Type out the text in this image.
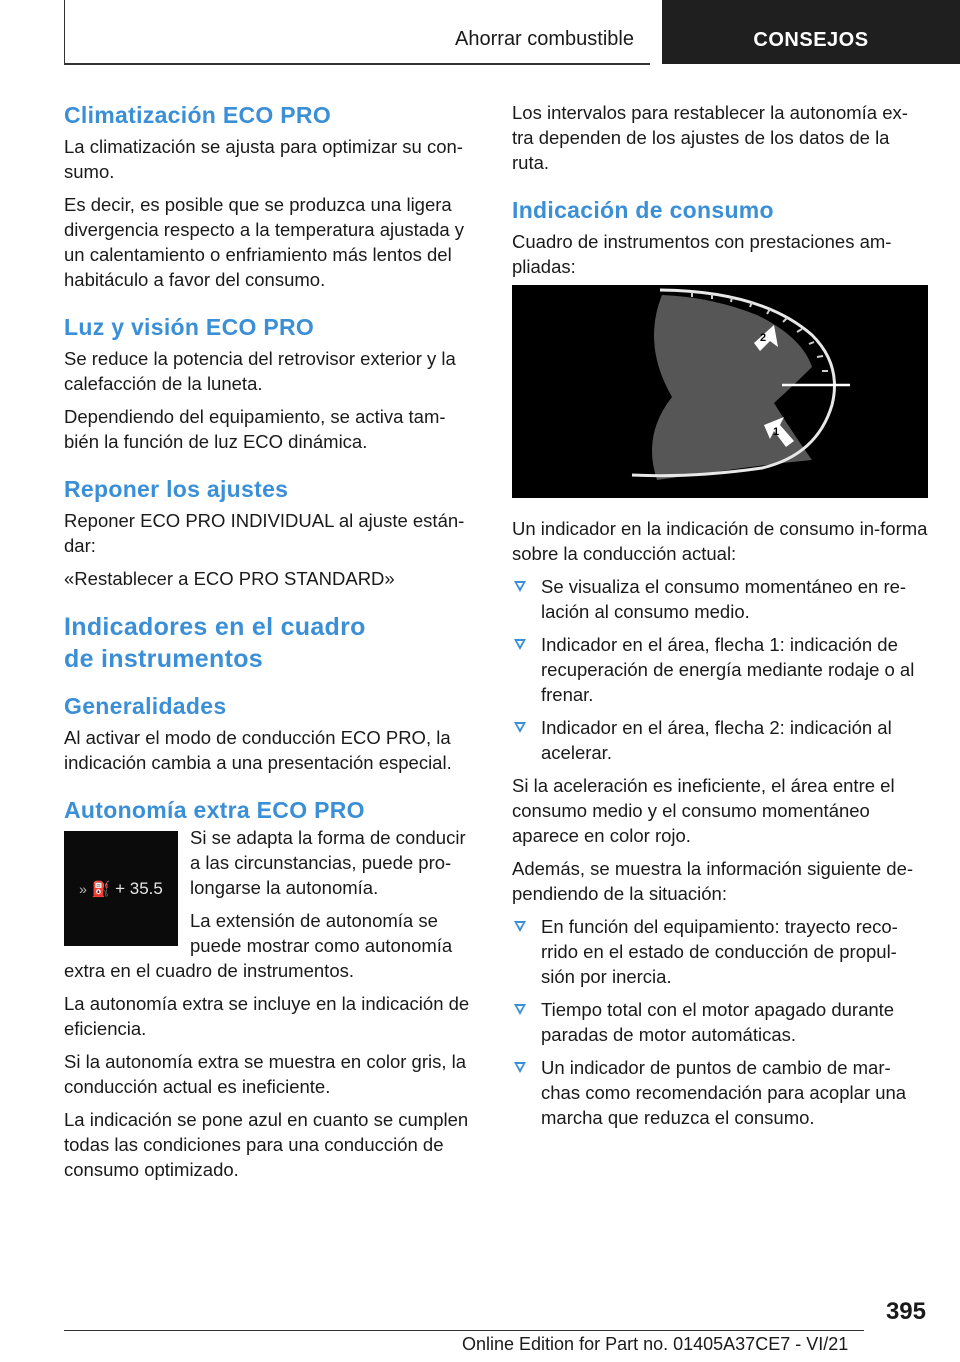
Ahorrar combustible	CONSEJOS
Climatización ECO PRO

La climatización se ajusta para optimizar su con-sumo.

Es decir, es posible que se produzca una ligera divergencia respecto a la temperatura ajustada y un calentamiento o enfriamiento más lentos del habitáculo a favor del consumo.

Luz y visión ECO PRO

Se reduce la potencia del retrovisor exterior y la calefacción de la luneta.

Dependiendo del equipamiento, se activa tam-bién la función de luz ECO dinámica.

Reponer los ajustes

Reponer ECO PRO INDIVIDUAL al ajuste están-dar:

«Restablecer a ECO PRO STANDARD»

Indicadores en el cuadro
de instrumentos
Generalidades

Al activar el modo de conducción ECO PRO, la indicación cambia a una presentación especial.

Autonomía extra ECO PRO
» ⛽ + 35.5

Si se adapta la forma de conducir a las circunstancias, puede pro-longarse la autonomía.

La extensión de autonomía se puede mostrar como autonomía extra en el cuadro de instrumentos.

La autonomía extra se incluye en la indicación de eficiencia.

Si la autonomía extra se muestra en color gris, la conducción actual es ineficiente.

La indicación se pone azul en cuanto se cumplen todas las condiciones para una conducción de consumo optimizado.

Los intervalos para restablecer la autonomía ex-tra dependen de los ajustes de los datos de la ruta.

Indicación de consumo

Cuadro de instrumentos con prestaciones am-pliadas:

2
1

Un indicador en la indicación de consumo in-forma sobre la conducción actual:

Se visualiza el consumo momentáneo en re-lación al consumo medio.
Indicador en el área, flecha 1: indicación de recuperación de energía mediante rodaje o al frenar.
Indicador en el área, flecha 2: indicación al acelerar.

Si la aceleración es ineficiente, el área entre el consumo medio y el consumo momentáneo aparece en color rojo.

Además, se muestra la información siguiente de-pendiendo de la situación:

En función del equipamiento: trayecto reco-rrido en el estado de conducción de propul-sión por inercia.
Tiempo total con el motor apagado durante paradas de motor automáticas.
Un indicador de puntos de cambio de mar-chas como recomendación para acoplar una marcha que reduzca el consumo.
395
Online Edition for Part no. 01405A37CE7 - VI/21
